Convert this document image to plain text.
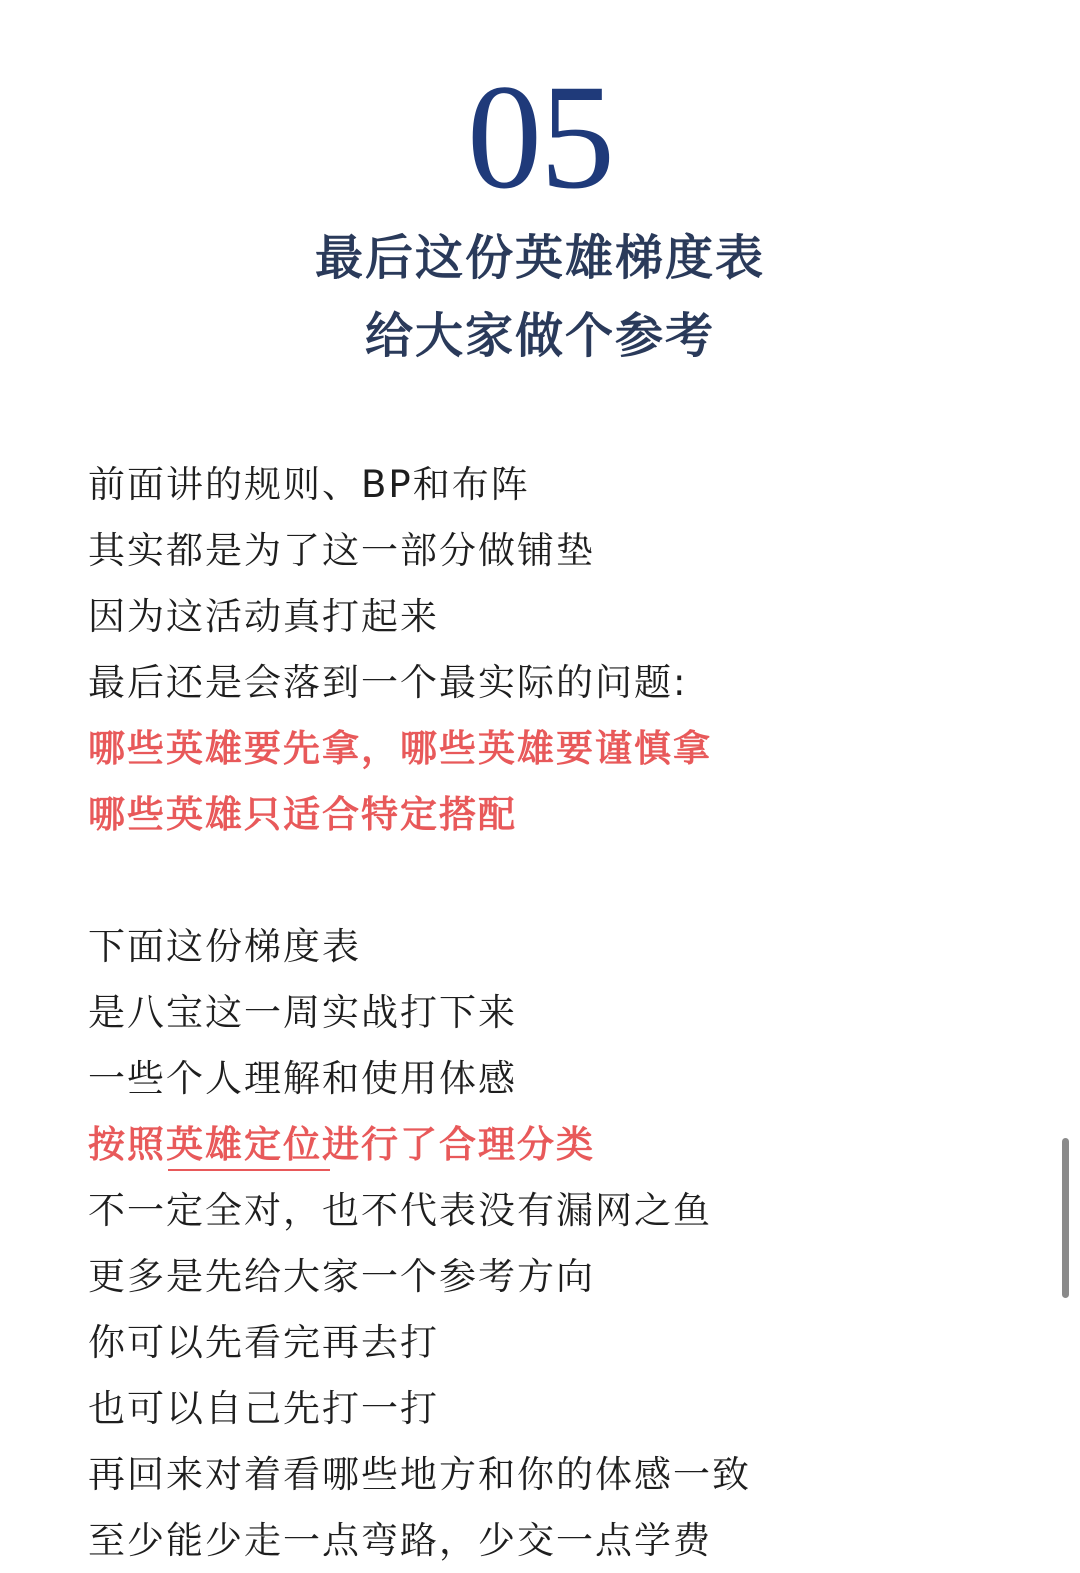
05
最后这份英雄梯度表
给大家做个参考
前面讲的规则、BP和布阵
其实都是为了这一部分做铺垫
因为这活动真打起来
最后还是会落到一个最实际的问题:
哪些英雄要先拿，哪些英雄要谨慎拿
哪些英雄只适合特定搭配
下面这份梯度表
是八宝这一周实战打下来
一些个人理解和使用体感
按照英雄定位进行了合理分类
不一定全对，也不代表没有漏网之鱼
更多是先给大家一个参考方向
你可以先看完再去打
也可以自己先打一打
再回来对着看哪些地方和你的体感一致
至少能少走一点弯路，少交一点学费
